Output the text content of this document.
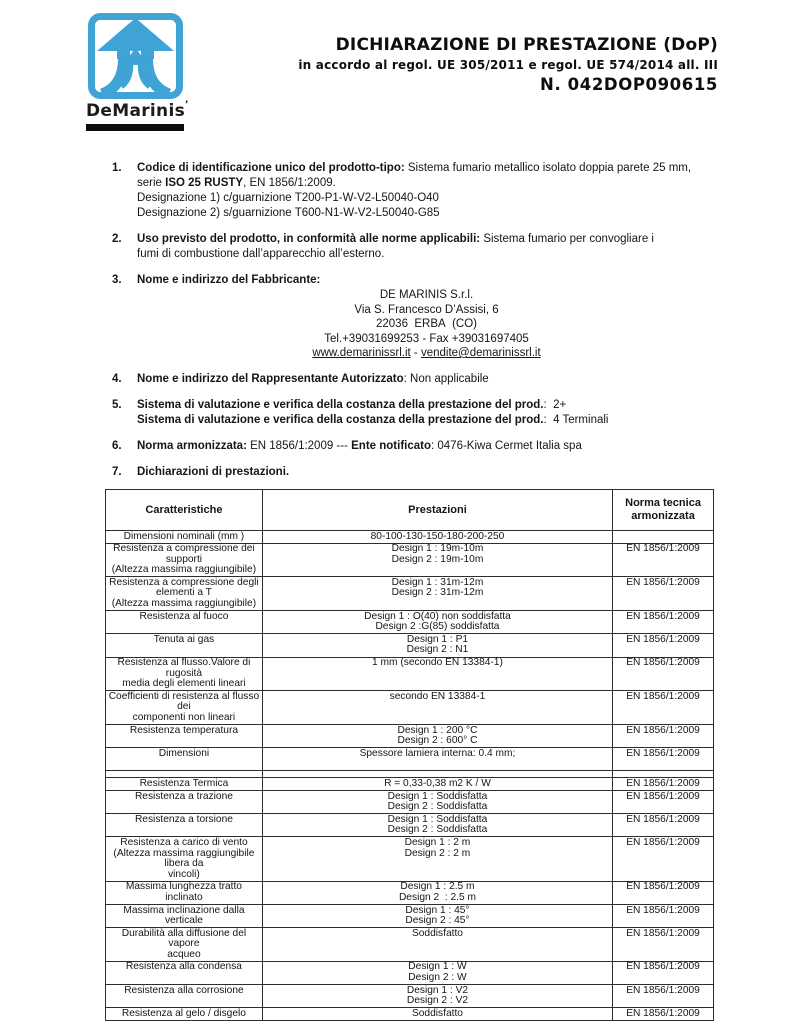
DeMarinis’
DICHIARAZIONE DI PRESTAZIONE (DoP)
in accordo al regol. UE 305/2011 e regol. UE 574/2014 all. III
N. 042DOP090615
1.	Codice di identificazione unico del prodotto-tipo: Sistema fumario metallico isolato doppia parete 25 mm,
serie ISO 25 RUSTY, EN 1856/1:2009.
Designazione 1) c/guarnizione T200-P1-W-V2-L50040-O40
Designazione 2) s/guarnizione T600-N1-W-V2-L50040-G85
2.	Uso previsto del prodotto, in conformità alle norme applicabili: Sistema fumario per convogliare i
fumi di combustione dall’apparecchio all’esterno.
3.	Nome e indirizzo del Fabbricante:
DE MARINIS S.r.l.
Via S. Francesco D’Assisi, 6
22036  ERBA  (CO)
Tel.+39031699253 - Fax +39031697405
www.demarinissrl.it - vendite@demarinissrl.it
4.	Nome e indirizzo del Rappresentante Autorizzato: Non applicabile
5.	Sistema di valutazione e verifica della costanza della prestazione del prod.:  2+
Sistema di valutazione e verifica della costanza della prestazione del prod.:  4 Terminali
6.	Norma armonizzata: EN 1856/1:2009 --- Ente notificato: 0476-Kiwa Cermet Italia spa
7.	Dichiarazioni di prestazioni.
Caratteristiche	Prestazioni	Norma tecnica
armonizzata
Dimensioni nominali (mm )	80-100-130-150-180-200-250	
Resistenza a compressione dei supporti
(Altezza massima raggiungibile)	Design 1 : 19m-10m
Design 2 : 19m-10m	EN 1856/1:2009
Resistenza a compressione degli
elementi a T
(Altezza massima raggiungibile)	Design 1 : 31m-12m
Design 2 : 31m-12m	EN 1856/1:2009
Resistenza al fuoco	Design 1 : O(40) non soddisfatta
Design 2 :G(85) soddisfatta	EN 1856/1:2009
Tenuta ai gas	Design 1 : P1
Design 2 : N1	EN 1856/1:2009
Resistenza al flusso.Valore di rugosità
media degli elementi lineari	1 mm (secondo EN 13384-1)	EN 1856/1:2009
Coefficienti di resistenza al flusso dei
componenti non lineari	secondo EN 13384-1	EN 1856/1:2009
Resistenza temperatura	Design 1 : 200 °C
Design 2 : 600° C	EN 1856/1:2009
Dimensioni	Spessore lamiera interna: 0.4 mm;	EN 1856/1:2009

Resistenza Termica	R = 0,33-0,38 m2 K / W	EN 1856/1:2009
Resistenza a trazione	Design 1 : Soddisfatta
Design 2 : Soddisfatta	EN 1856/1:2009
Resistenza a torsione	Design 1 : Soddisfatta
Design 2 : Soddisfatta	EN 1856/1:2009
Resistenza a carico di vento
(Altezza massima raggiungibile libera da
vincoli)	Design 1 : 2 m
Design 2 : 2 m	EN 1856/1:2009
Massima lunghezza tratto inclinato	Design 1 : 2.5 m
Design 2  : 2.5 m	EN 1856/1:2009
Massima inclinazione dalla verticale	Design 1 : 45°
Design 2 : 45°	EN 1856/1:2009
Durabilità alla diffusione del vapore
acqueo	Soddisfatto	EN 1856/1:2009
Resistenza alla condensa	Design 1 : W
Design 2 : W	EN 1856/1:2009
Resistenza alla corrosione	Design 1 : V2
Design 2 : V2	EN 1856/1:2009
Resistenza al gelo / disgelo	Soddisfatto	EN 1856/1:2009
